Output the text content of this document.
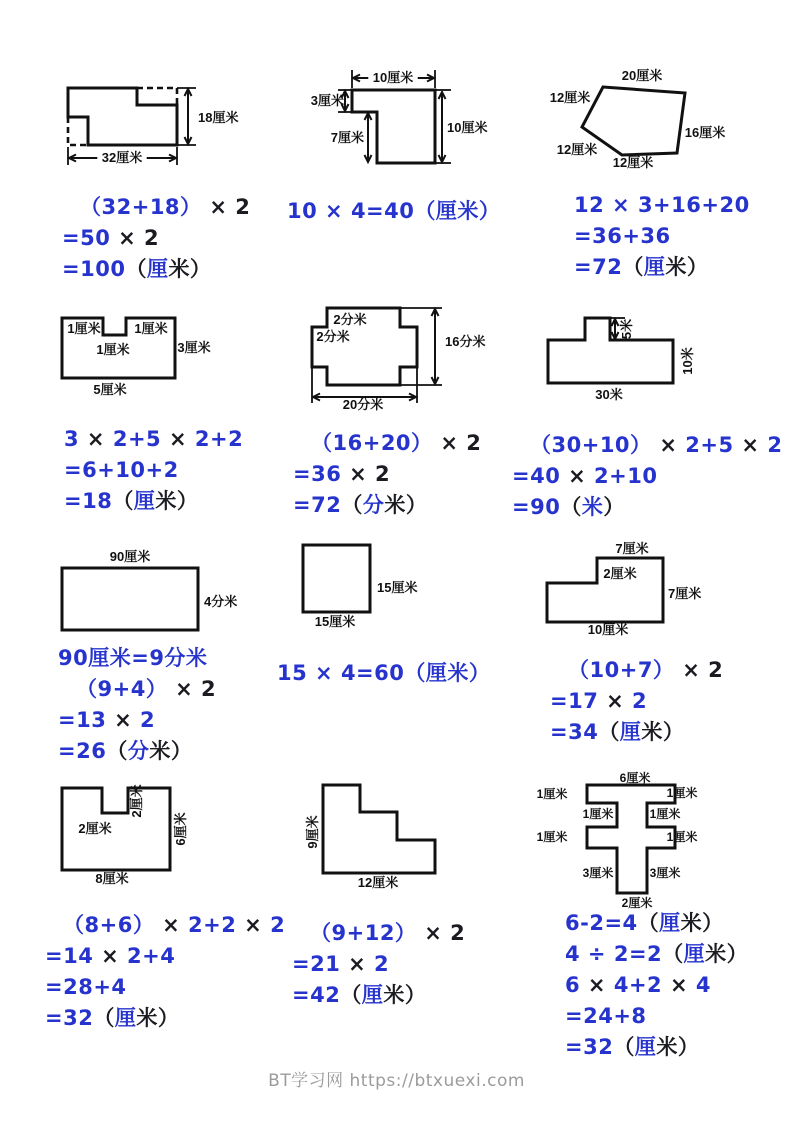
BT学习网 https://btxuexi.com
18厘米
32厘米
（32+18） × 2
=50 × 2
=100（厘米）
10厘米
3厘米
7厘米
10厘米
10 × 4=40（厘米）
20厘米
12厘米
16厘米
12厘米
12厘米
12 × 3+16+20
=36+36
=72（厘米）
1厘米	1厘米
1厘米	3厘米
5厘米
3 × 2+5 × 2+2
=6+10+2
=18（厘米）
2分米
2分米	16分米
20分米
（16+20） × 2
=36 × 2
=72（分米）
5米
10米
30米
（30+10） × 2+5 × 2
=40 × 2+10
=90（米）
90厘米
4分米
90厘米=9分米
（9+4） × 2
=13 × 2
=26（分米）
15厘米
15厘米
15 × 4=60（厘米）
7厘米
2厘米
7厘米
10厘米
（10+7） × 2
=17 × 2
=34（厘米）
2厘米
2厘米
6厘米
8厘米
（8+6） × 2+2 × 2
=14 × 2+4
=28+4
=32（厘米）
9厘米
12厘米
（9+12） × 2
=21 × 2
=42（厘米）
6厘米
1厘米	1厘米
1厘米	1厘米
1厘米	1厘米
3厘米	3厘米
2厘米
6-2=4（厘米）
4 ÷ 2=2（厘米）
6 × 4+2 × 4
=24+8
=32（厘米）
